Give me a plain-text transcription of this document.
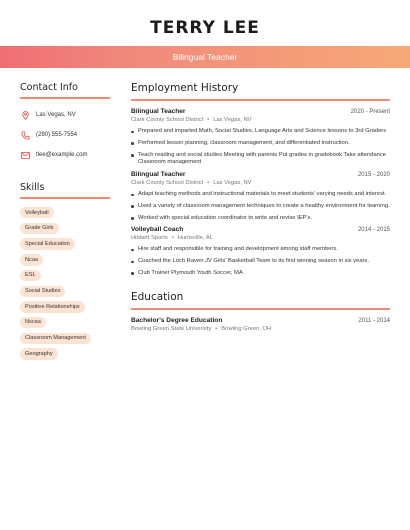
TERRY LEE
Bilingual Teacher
Contact Info
Las Vegas, NV
(280) 555-7554
tlee@example.com
Skills
Volleyball
Grade Girls
Special Education
Ncaa
ESL
Social Studies
Positive Relationships
Nscaa
Classroom Management
Geography
Employment History
Bilingual Teacher	2020 - Present
Clark County School District • Las Vegas, NV
Prepared and imparted Math, Social Studies, Language Arts and Science lessons to 3rd Graders
Performed lesson planning, classroom management, and differentiated instruction.
Teach reading and social studies Meeting with parents Put grades in gradebook Take attendance Classroom management
Bilingual Teacher	2015 - 2020
Clark County School District • Las Vegas, NV
Adapt teaching methods and instructional materials to meet students' varying needs and interest.
Used a variety of classroom management techniques to create a healthy environment for learning.
Worked with special education coordinator to write and revise IEP's.
Volleyball Coach	2014 - 2015
Hibbett Sports • Huntsville, AL
Hire staff and responsible for training and development among staff members.
Coached the Loch Raven JV Girls' Basketball Team to its first winning season in six years.
Club Trainer Plymouth Youth Soccer, MA
Education
Bachelor's Degree Education	2011 - 2014
Bowling Green State University • Bowling Green, OH
